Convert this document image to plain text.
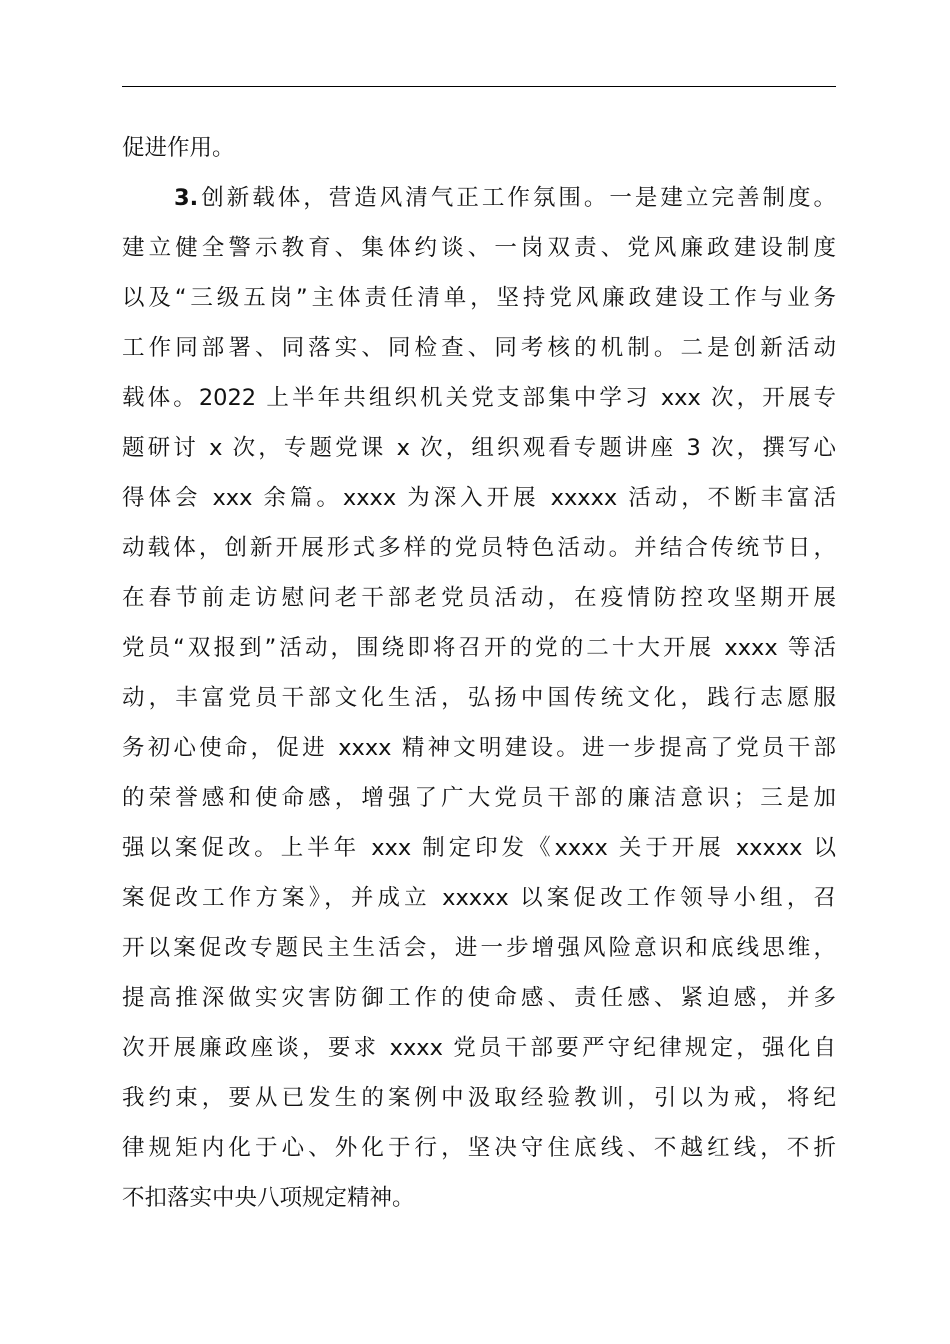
促进作用。
3.创新载体，营造风清气正工作氛围。一是建立完善制度。
建立健全警示教育、集体约谈、一岗双责、党风廉政建设制度
以及“三级五岗”主体责任清单，坚持党风廉政建设工作与业务
工作同部署、同落实、同检查、同考核的机制。二是创新活动
载体。2022 上半年共组织机关党支部集中学习 xxx 次，开展专
题研讨 x 次，专题党课 x 次，组织观看专题讲座 3 次，撰写心
得体会 xxx 余篇。xxxx 为深入开展 xxxxx 活动，不断丰富活
动载体，创新开展形式多样的党员特色活动。并结合传统节日，
在春节前走访慰问老干部老党员活动，在疫情防控攻坚期开展
党员“双报到”活动，围绕即将召开的党的二十大开展 xxxx 等活
动，丰富党员干部文化生活，弘扬中国传统文化，践行志愿服
务初心使命，促进 xxxx 精神文明建设。进一步提高了党员干部
的荣誉感和使命感，增强了广大党员干部的廉洁意识；三是加
强以案促改。上半年 xxx 制定印发《xxxx 关于开展 xxxxx 以
案促改工作方案》，并成立 xxxxx 以案促改工作领导小组，召
开以案促改专题民主生活会，进一步增强风险意识和底线思维，
提高推深做实灾害防御工作的使命感、责任感、紧迫感，并多
次开展廉政座谈，要求 xxxx 党员干部要严守纪律规定，强化自
我约束，要从已发生的案例中汲取经验教训，引以为戒，将纪
律规矩内化于心、外化于行，坚决守住底线、不越红线，不折
不扣落实中央八项规定精神。
